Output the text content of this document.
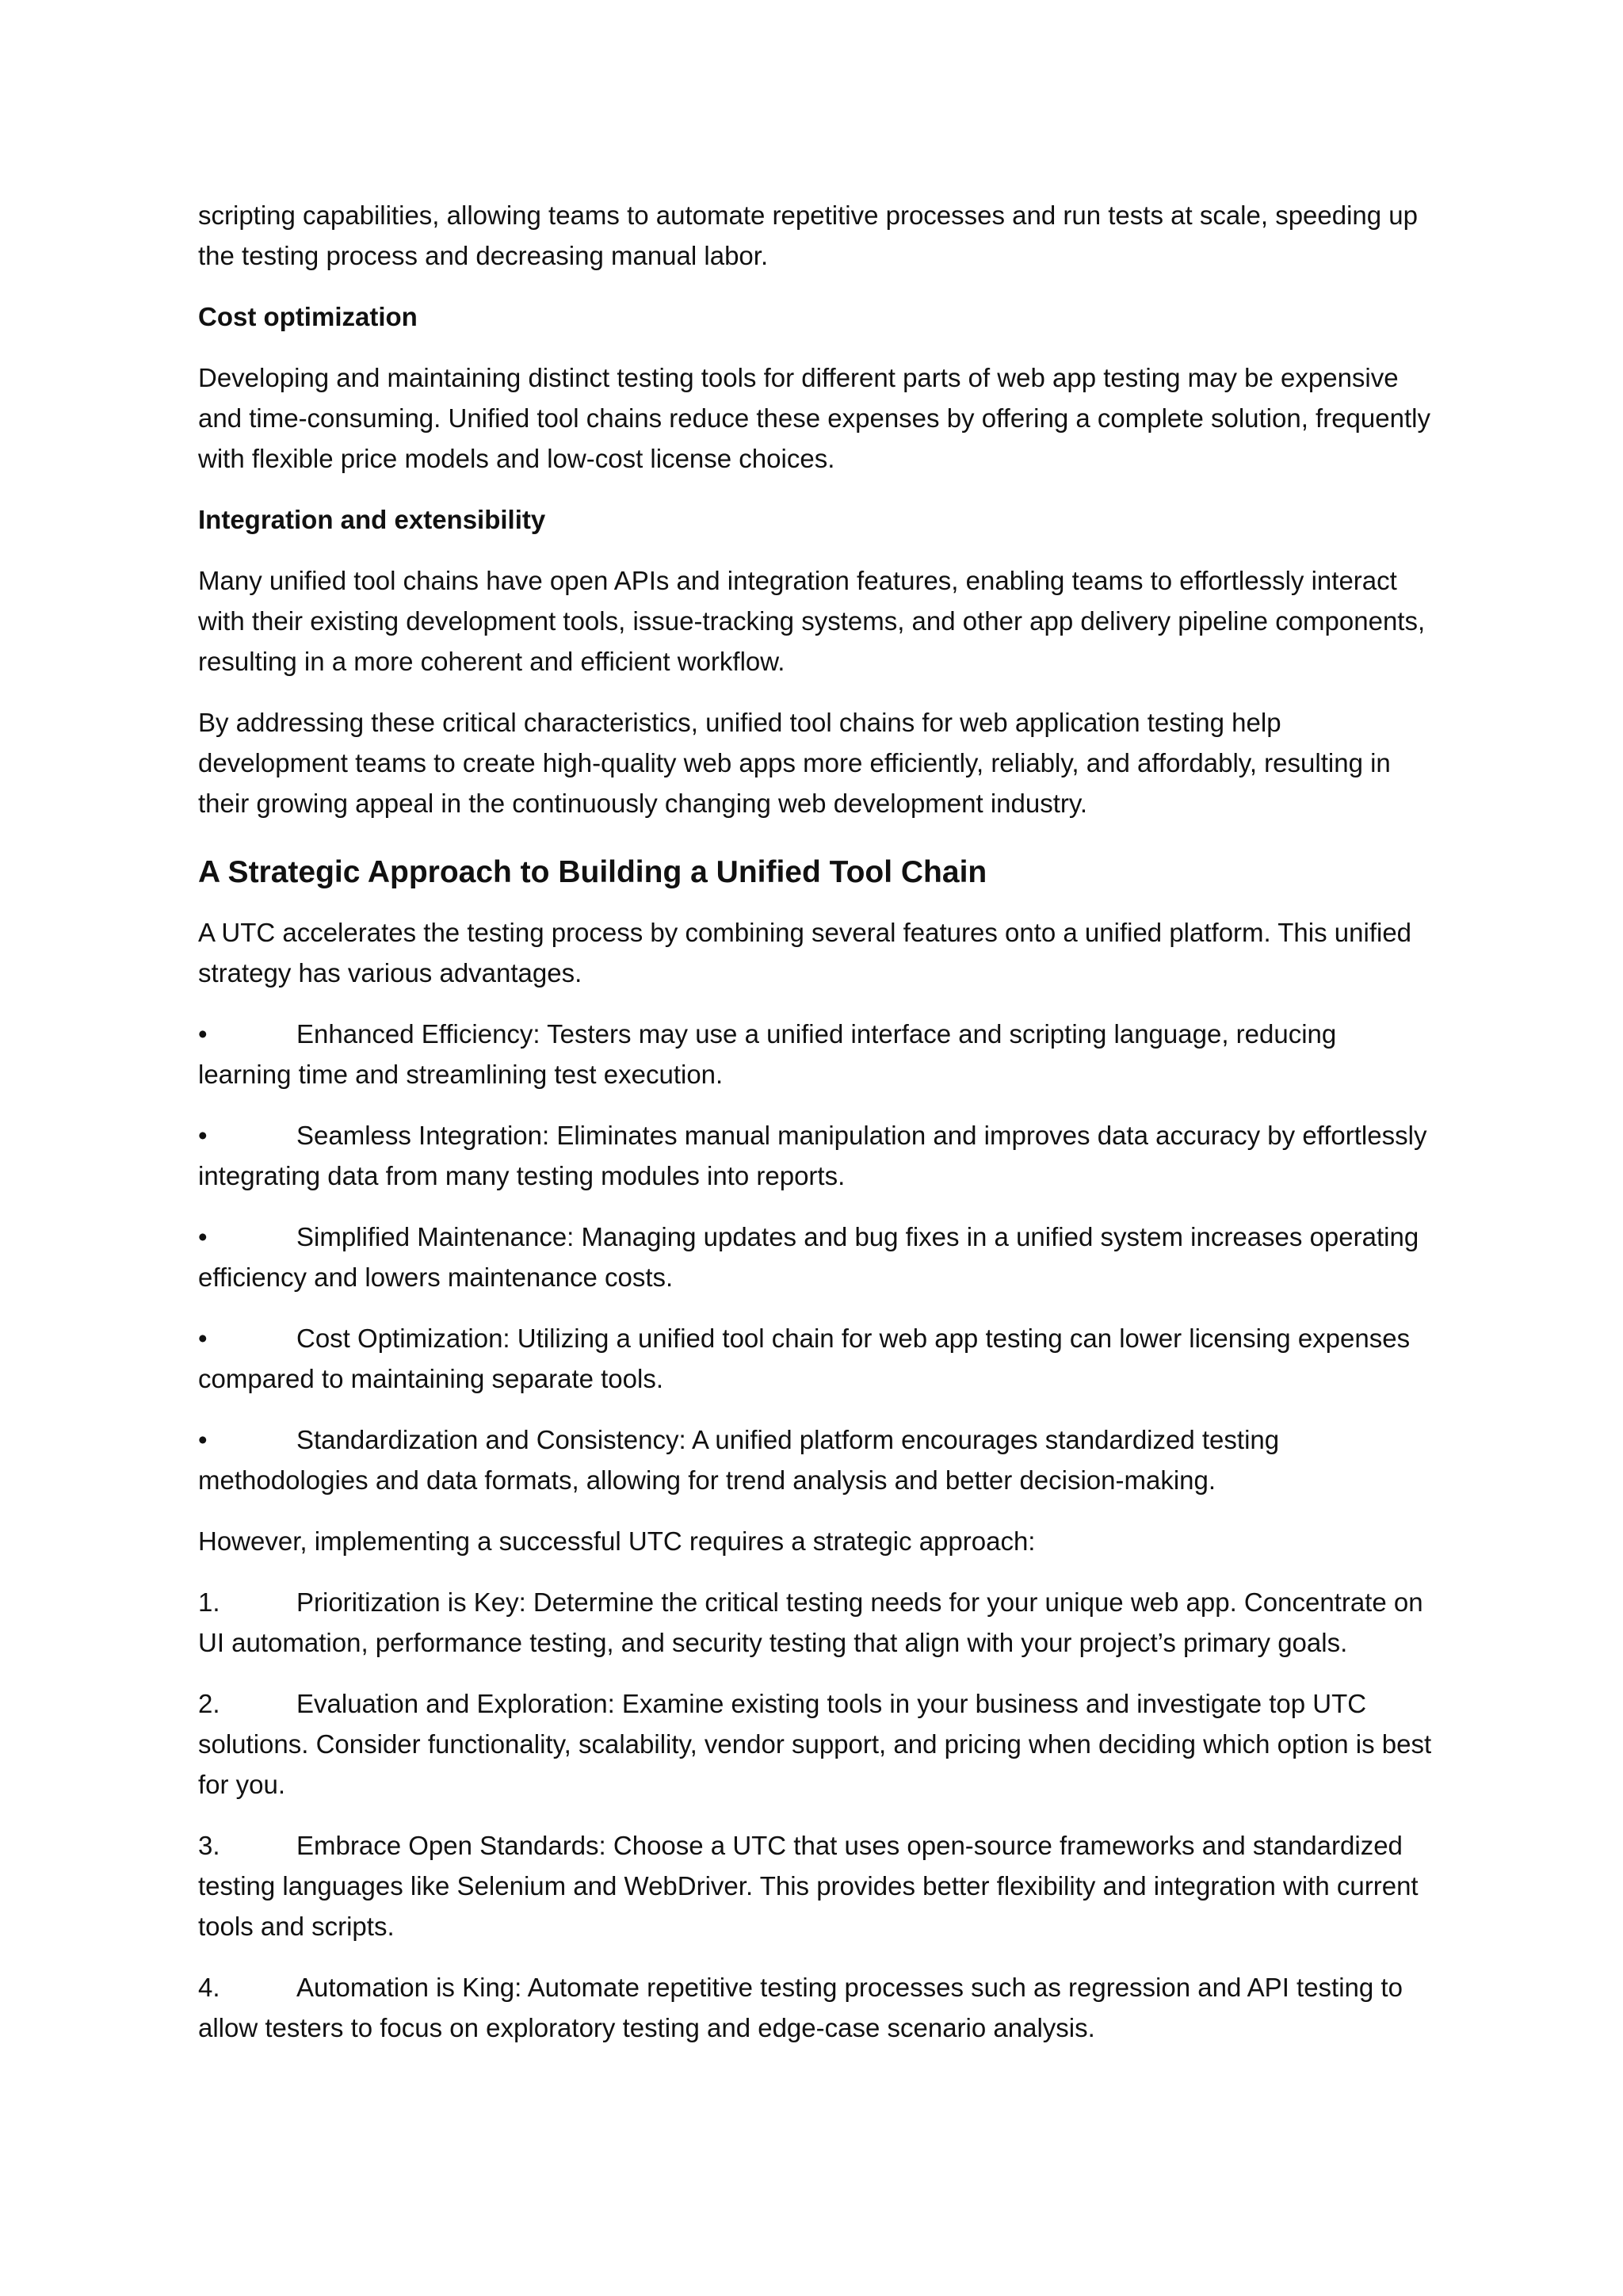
scripting capabilities, allowing teams to automate repetitive processes and run tests at scale, speeding up the testing process and decreasing manual labor.

Cost optimization

Developing and maintaining distinct testing tools for different parts of web app testing may be expensive and time-consuming. Unified tool chains reduce these expenses by offering a complete solution, frequently with flexible price models and low-cost license choices.

Integration and extensibility

Many unified tool chains have open APIs and integration features, enabling teams to effortlessly interact with their existing development tools, issue-tracking systems, and other app delivery pipeline components, resulting in a more coherent and efficient workflow.

By addressing these critical characteristics, unified tool chains for web application testing help development teams to create high-quality web apps more efficiently, reliably, and affordably, resulting in their growing appeal in the continuously changing web development industry.

A Strategic Approach to Building a Unified Tool Chain

A UTC accelerates the testing process by combining several features onto a unified platform. This unified strategy has various advantages.

•	Enhanced Efficiency: Testers may use a unified interface and scripting language, reducing learning time and streamlining test execution.
•	Seamless Integration: Eliminates manual manipulation and improves data accuracy by effortlessly integrating data from many testing modules into reports.
•	Simplified Maintenance: Managing updates and bug fixes in a unified system increases operating efficiency and lowers maintenance costs.
•	Cost Optimization: Utilizing a unified tool chain for web app testing can lower licensing expenses compared to maintaining separate tools.
•	Standardization and Consistency: A unified platform encourages standardized testing methodologies and data formats, allowing for trend analysis and better decision-making.

However, implementing a successful UTC requires a strategic approach:

1.	Prioritization is Key: Determine the critical testing needs for your unique web app. Concentrate on UI automation, performance testing, and security testing that align with your project’s primary goals.
2.	Evaluation and Exploration: Examine existing tools in your business and investigate top UTC solutions. Consider functionality, scalability, vendor support, and pricing when deciding which option is best for you.
3.	Embrace Open Standards: Choose a UTC that uses open-source frameworks and standardized testing languages like Selenium and WebDriver. This provides better flexibility and integration with current tools and scripts.
4.	Automation is King: Automate repetitive testing processes such as regression and API testing to allow testers to focus on exploratory testing and edge-case scenario analysis.
